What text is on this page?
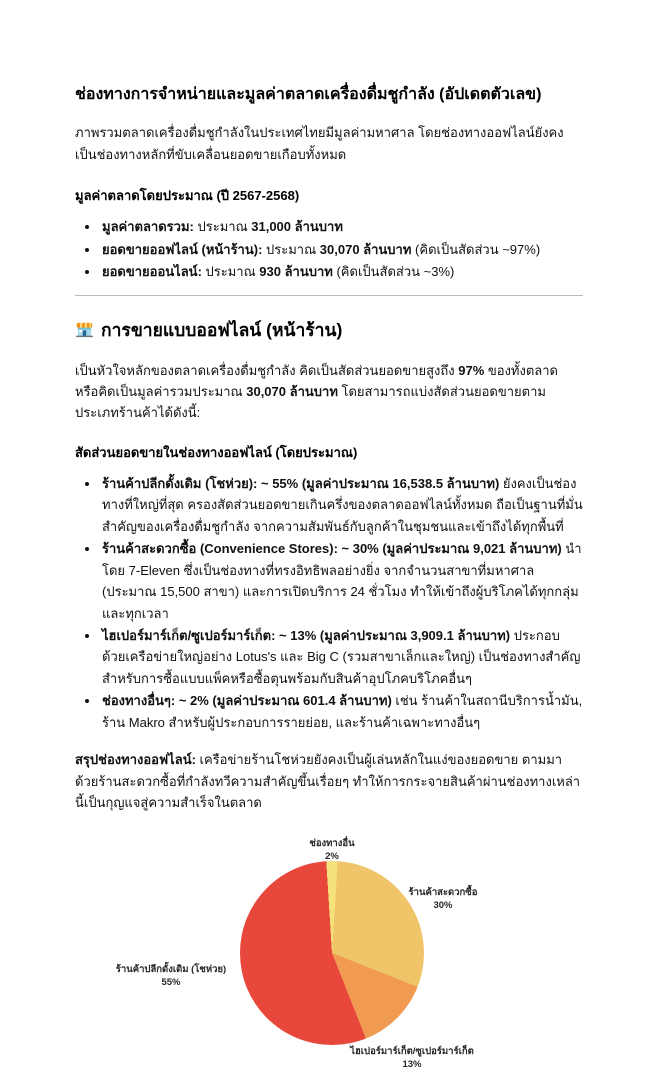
ช่องทางการจำหน่ายและมูลค่าตลาดเครื่องดื่มชูกำลัง (อัปเดตตัวเลข)

ภาพรวมตลาดเครื่องดื่มชูกำลังในประเทศไทยมีมูลค่ามหาศาล โดยช่องทางออฟไลน์ยังคงเป็นช่องทางหลักที่ขับเคลื่อนยอดขายเกือบทั้งหมด

มูลค่าตลาดโดยประมาณ (ปี 2567-2568)
• มูลค่าตลาดรวม: ประมาณ 31,000 ล้านบาท
• ยอดขายออฟไลน์ (หน้าร้าน): ประมาณ 30,070 ล้านบาท (คิดเป็นสัดส่วน ~97%)
• ยอดขายออนไลน์: ประมาณ 930 ล้านบาท (คิดเป็นสัดส่วน ~3%)
การขายแบบออฟไลน์ (หน้าร้าน)

เป็นหัวใจหลักของตลาดเครื่องดื่มชูกำลัง คิดเป็นสัดส่วนยอดขายสูงถึง 97% ของทั้งตลาด หรือคิดเป็นมูลค่ารวมประมาณ 30,070 ล้านบาท โดยสามารถแบ่งสัดส่วนยอดขายตามประเภทร้านค้าได้ดังนี้:

สัดส่วนยอดขายในช่องทางออฟไลน์ (โดยประมาณ)
• ร้านค้าปลีกดั้งเดิม (โชห่วย): ~ 55% (มูลค่าประมาณ 16,538.5 ล้านบาท) ยังคงเป็นช่องทางที่ใหญ่ที่สุด ครองสัดส่วนยอดขายเกินครึ่งของตลาดออฟไลน์ทั้งหมด ถือเป็นฐานที่มั่นสำคัญของเครื่องดื่มชูกำลัง จากความสัมพันธ์กับลูกค้าในชุมชนและเข้าถึงได้ทุกพื้นที่
• ร้านค้าสะดวกซื้อ (Convenience Stores): ~ 30% (มูลค่าประมาณ 9,021 ล้านบาท) นำโดย 7-Eleven ซึ่งเป็นช่องทางที่ทรงอิทธิพลอย่างยิ่ง จากจำนวนสาขาที่มหาศาล (ประมาณ 15,500 สาขา) และการเปิดบริการ 24 ชั่วโมง ทำให้เข้าถึงผู้บริโภคได้ทุกกลุ่มและทุกเวลา
• ไฮเปอร์มาร์เก็ต/ซูเปอร์มาร์เก็ต: ~ 13% (มูลค่าประมาณ 3,909.1 ล้านบาท) ประกอบด้วยเครือข่ายใหญ่อย่าง Lotus's และ Big C (รวมสาขาเล็กและใหญ่) เป็นช่องทางสำคัญสำหรับการซื้อแบบแพ็คหรือซื้อตุนพร้อมกับสินค้าอุปโภคบริโภคอื่นๆ
• ช่องทางอื่นๆ: ~ 2% (มูลค่าประมาณ 601.4 ล้านบาท) เช่น ร้านค้าในสถานีบริการน้ำมัน, ร้าน Makro สำหรับผู้ประกอบการรายย่อย, และร้านค้าเฉพาะทางอื่นๆ

สรุปช่องทางออฟไลน์: เครือข่ายร้านโชห่วยยังคงเป็นผู้เล่นหลักในแง่ของยอดขาย ตามมาด้วยร้านสะดวกซื้อที่กำลังทวีความสำคัญขึ้นเรื่อยๆ ทำให้การกระจายสินค้าผ่านช่องทางเหล่านี้เป็นกุญแจสู่ความสำเร็จในตลาด

ช่องทางอื่น
2%
ร้านค้าสะดวกซื้อ
30%
ไฮเปอร์มาร์เก็ต/ซูเปอร์มาร์เก็ต
13%
ร้านค้าปลีกดั้งเดิม (โชห่วย)
55%
